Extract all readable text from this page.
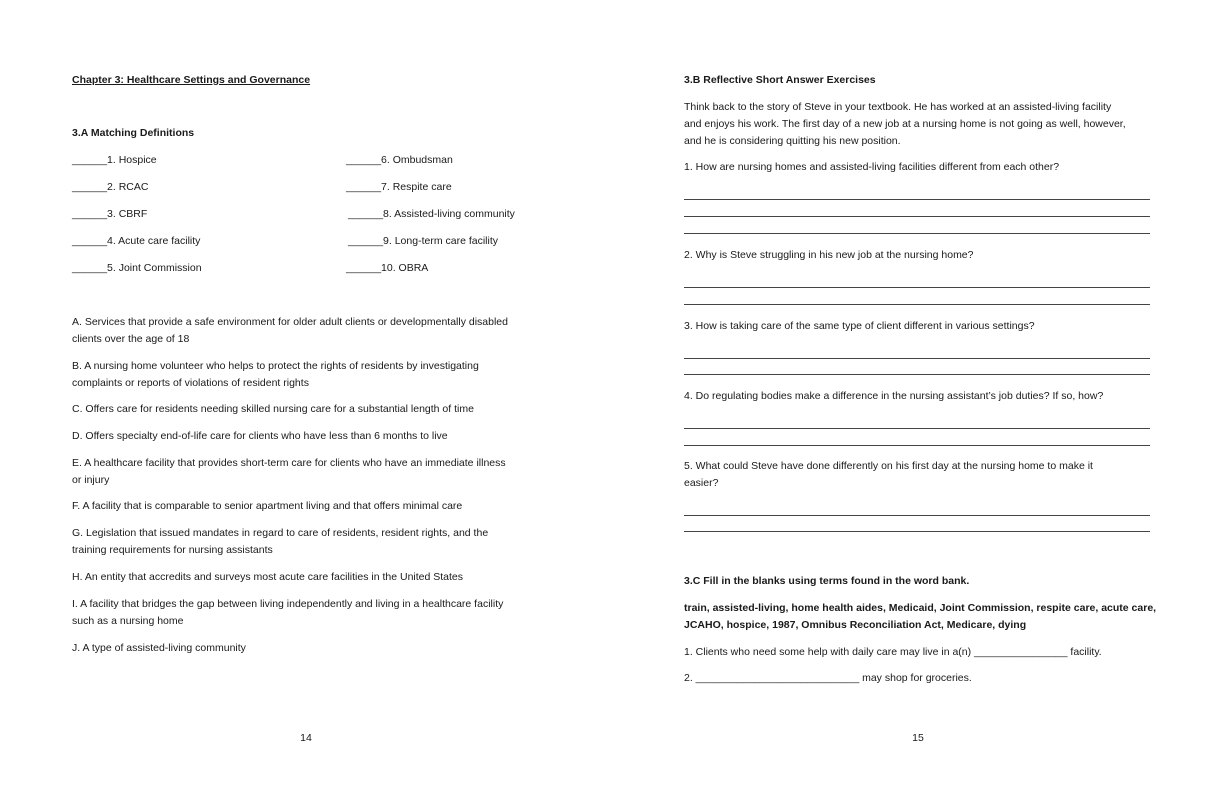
Chapter 3: Healthcare Settings and Governance
3.A Matching Definitions
______1. Hospice
______2. RCAC
______3. CBRF
______4. Acute care facility
______5. Joint Commission
______6. Ombudsman
______7. Respite care
______8. Assisted-living community
______9. Long-term care facility
______10. OBRA
A. Services that provide a safe environment for older adult clients or developmentally disabled
clients over the age of 18
B. A nursing home volunteer who helps to protect the rights of residents by investigating
complaints or reports of violations of resident rights
C. Offers care for residents needing skilled nursing care for a substantial length of time
D. Offers specialty end-of-life care for clients who have less than 6 months to live
E. A healthcare facility that provides short-term care for clients who have an immediate illness
or injury
F. A facility that is comparable to senior apartment living and that offers minimal care
G. Legislation that issued mandates in regard to care of residents, resident rights, and the
training requirements for nursing assistants
H. An entity that accredits and surveys most acute care facilities in the United States
I. A facility that bridges the gap between living independently and living in a healthcare facility
such as a nursing home
J. A type of assisted-living community
14
3.B Reflective Short Answer Exercises
Think back to the story of Steve in your textbook. He has worked at an assisted-living facility
and enjoys his work. The first day of a new job at a nursing home is not going as well, however,
and he is considering quitting his new position.
1. How are nursing homes and assisted-living facilities different from each other?
2. Why is Steve struggling in his new job at the nursing home?
3. How is taking care of the same type of client different in various settings?
4. Do regulating bodies make a difference in the nursing assistant’s job duties? If so, how?
5. What could Steve have done differently on his first day at the nursing home to make it
easier?
3.C Fill in the blanks using terms found in the word bank.
train, assisted-living, home health aides, Medicaid, Joint Commission, respite care, acute care,
JCAHO, hospice, 1987, Omnibus Reconciliation Act, Medicare, dying
1. Clients who need some help with daily care may live in a(n) ________________ facility.
2. ____________________________ may shop for groceries.
15
